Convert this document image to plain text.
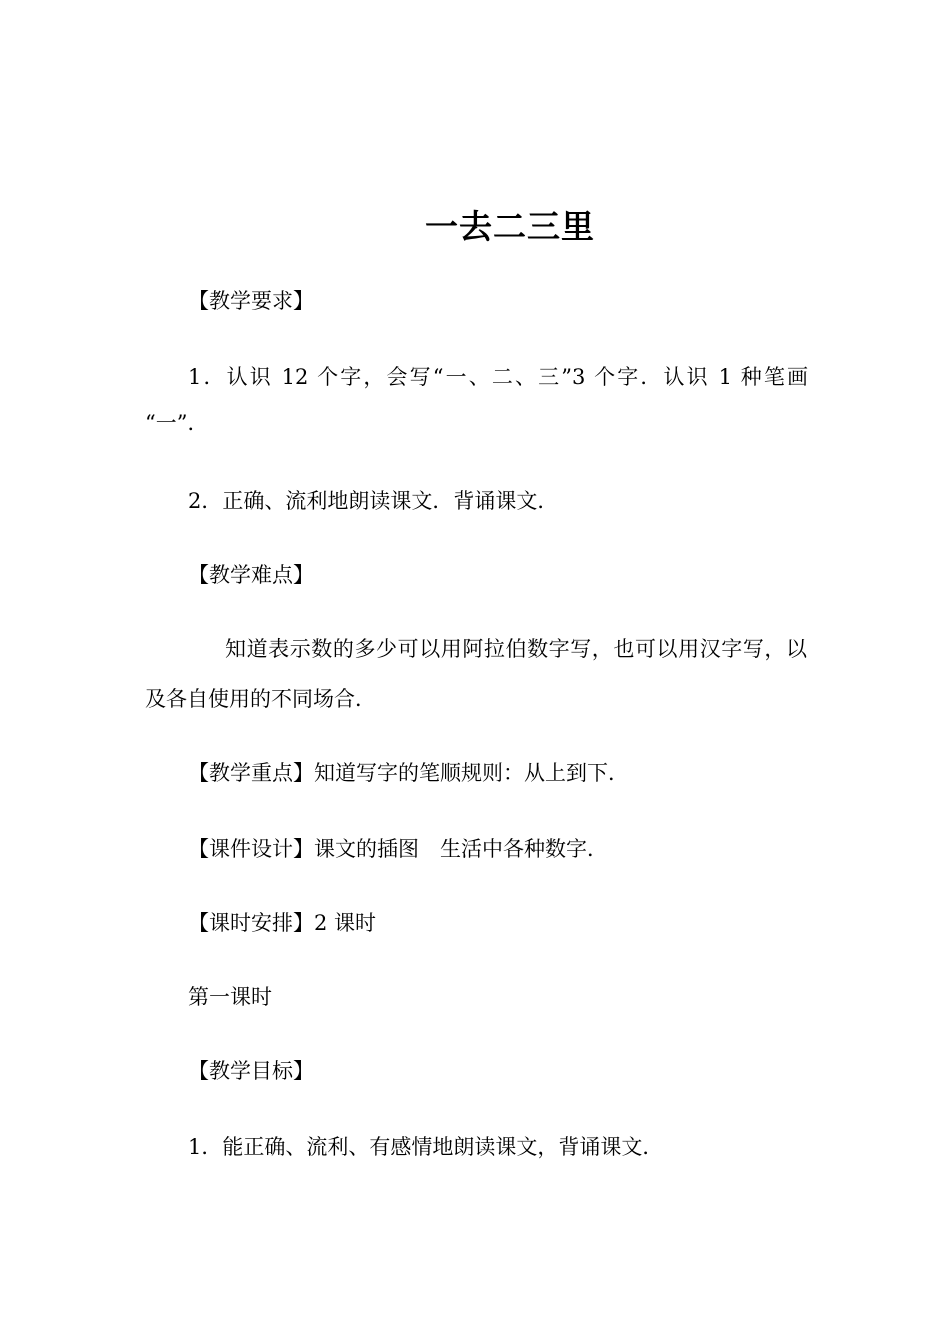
一去二三里
【教学要求】
1．认识 12 个字，会写“一、二、三”3 个字．认识 1 种笔画
“一”．
2．正确、流利地朗读课文．背诵课文．
【教学难点】
知道表示数的多少可以用阿拉伯数字写，也可以用汉字写，以
及各自使用的不同场合．
【教学重点】知道写字的笔顺规则：从上到下．
【课件设计】课文的插图　生活中各种数字．
【课时安排】2 课时
第一课时
【教学目标】
1．能正确、流利、有感情地朗读课文，背诵课文．
